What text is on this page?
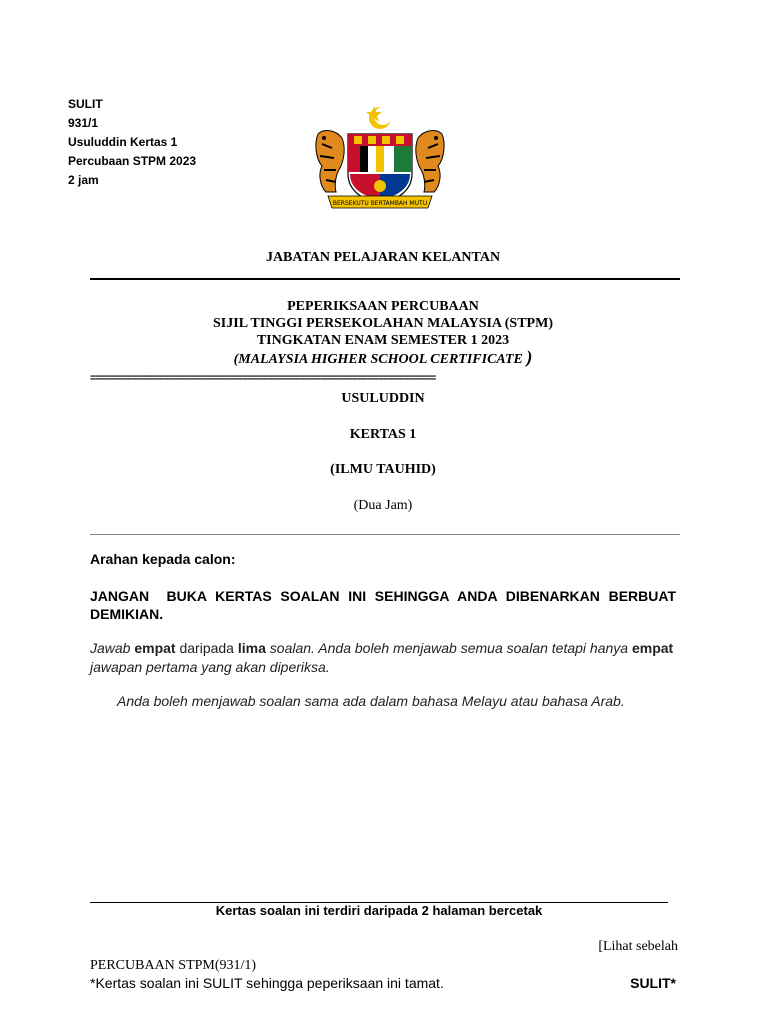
SULIT
931/1
Usuluddin Kertas 1
Percubaan STPM 2023
2 jam
BERSEKUTU BERTAMBAH MUTU
JABATAN PELAJARAN KELANTAN
PEPERIKSAAN PERCUBAAN
SIJIL TINGGI PERSEKOLAHAN MALAYSIA (STPM)
TINGKATAN ENAM SEMESTER 1 2023
(MALAYSIA HIGHER SCHOOL CERTIFICATE )
==================================================================
USULUDDIN
KERTAS 1
(ILMU TAUHID)
(Dua Jam)
Arahan kepada calon:
JANGAN  BUKA KERTAS SOALAN INI SEHINGGA ANDA DIBENARKAN BERBUAT DEMIKIAN.
Jawab empat daripada lima soalan. Anda boleh menjawab semua soalan tetapi hanya empat jawapan pertama yang akan diperiksa.
Anda boleh menjawab soalan sama ada dalam bahasa Melayu atau bahasa Arab.
Kertas soalan ini terdiri daripada 2 halaman bercetak
[Lihat sebelah
PERCUBAAN STPM(931/1)
*Kertas soalan ini SULIT sehingga peperiksaan ini tamat.	SULIT*
